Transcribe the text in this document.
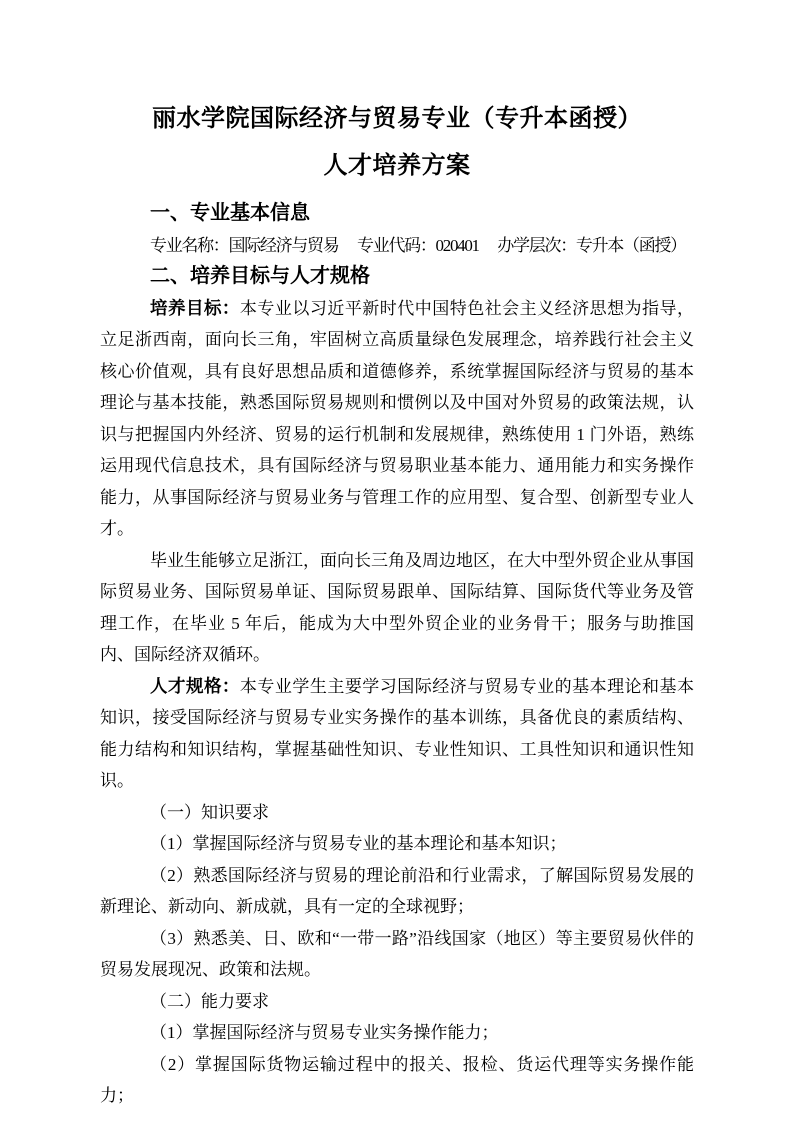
丽水学院国际经济与贸易专业（专升本函授）
人才培养方案

一、专业基本信息

专业名称：国际经济与贸易　 专业代码：020401　 办学层次：专升本（函授）

二、培养目标与人才规格

培养目标：本专业以习近平新时代中国特色社会主义经济思想为指导，立足浙西南，面向长三角，牢固树立高质量绿色发展理念，培养践行社会主义核心价值观，具有良好思想品质和道德修养，系统掌握国际经济与贸易的基本理论与基本技能，熟悉国际贸易规则和惯例以及中国对外贸易的政策法规，认识与把握国内外经济、贸易的运行机制和发展规律，熟练使用 1 门外语，熟练运用现代信息技术，具有国际经济与贸易职业基本能力、通用能力和实务操作能力，从事国际经济与贸易业务与管理工作的应用型、复合型、创新型专业人才。

毕业生能够立足浙江，面向长三角及周边地区，在大中型外贸企业从事国际贸易业务、国际贸易单证、国际贸易跟单、国际结算、国际货代等业务及管理工作，在毕业 5 年后，能成为大中型外贸企业的业务骨干；服务与助推国内、国际经济双循环。

人才规格：本专业学生主要学习国际经济与贸易专业的基本理论和基本知识，接受国际经济与贸易专业实务操作的基本训练，具备优良的素质结构、能力结构和知识结构，掌握基础性知识、专业性知识、工具性知识和通识性知识。

（一）知识要求

（1）掌握国际经济与贸易专业的基本理论和基本知识；

（2）熟悉国际经济与贸易的理论前沿和行业需求，了解国际贸易发展的新理论、新动向、新成就，具有一定的全球视野；

（3）熟悉美、日、欧和“一带一路”沿线国家（地区）等主要贸易伙伴的贸易发展现况、政策和法规。

（二）能力要求

（1）掌握国际经济与贸易专业实务操作能力；

（2）掌握国际货物运输过程中的报关、报检、货运代理等实务操作能力；
